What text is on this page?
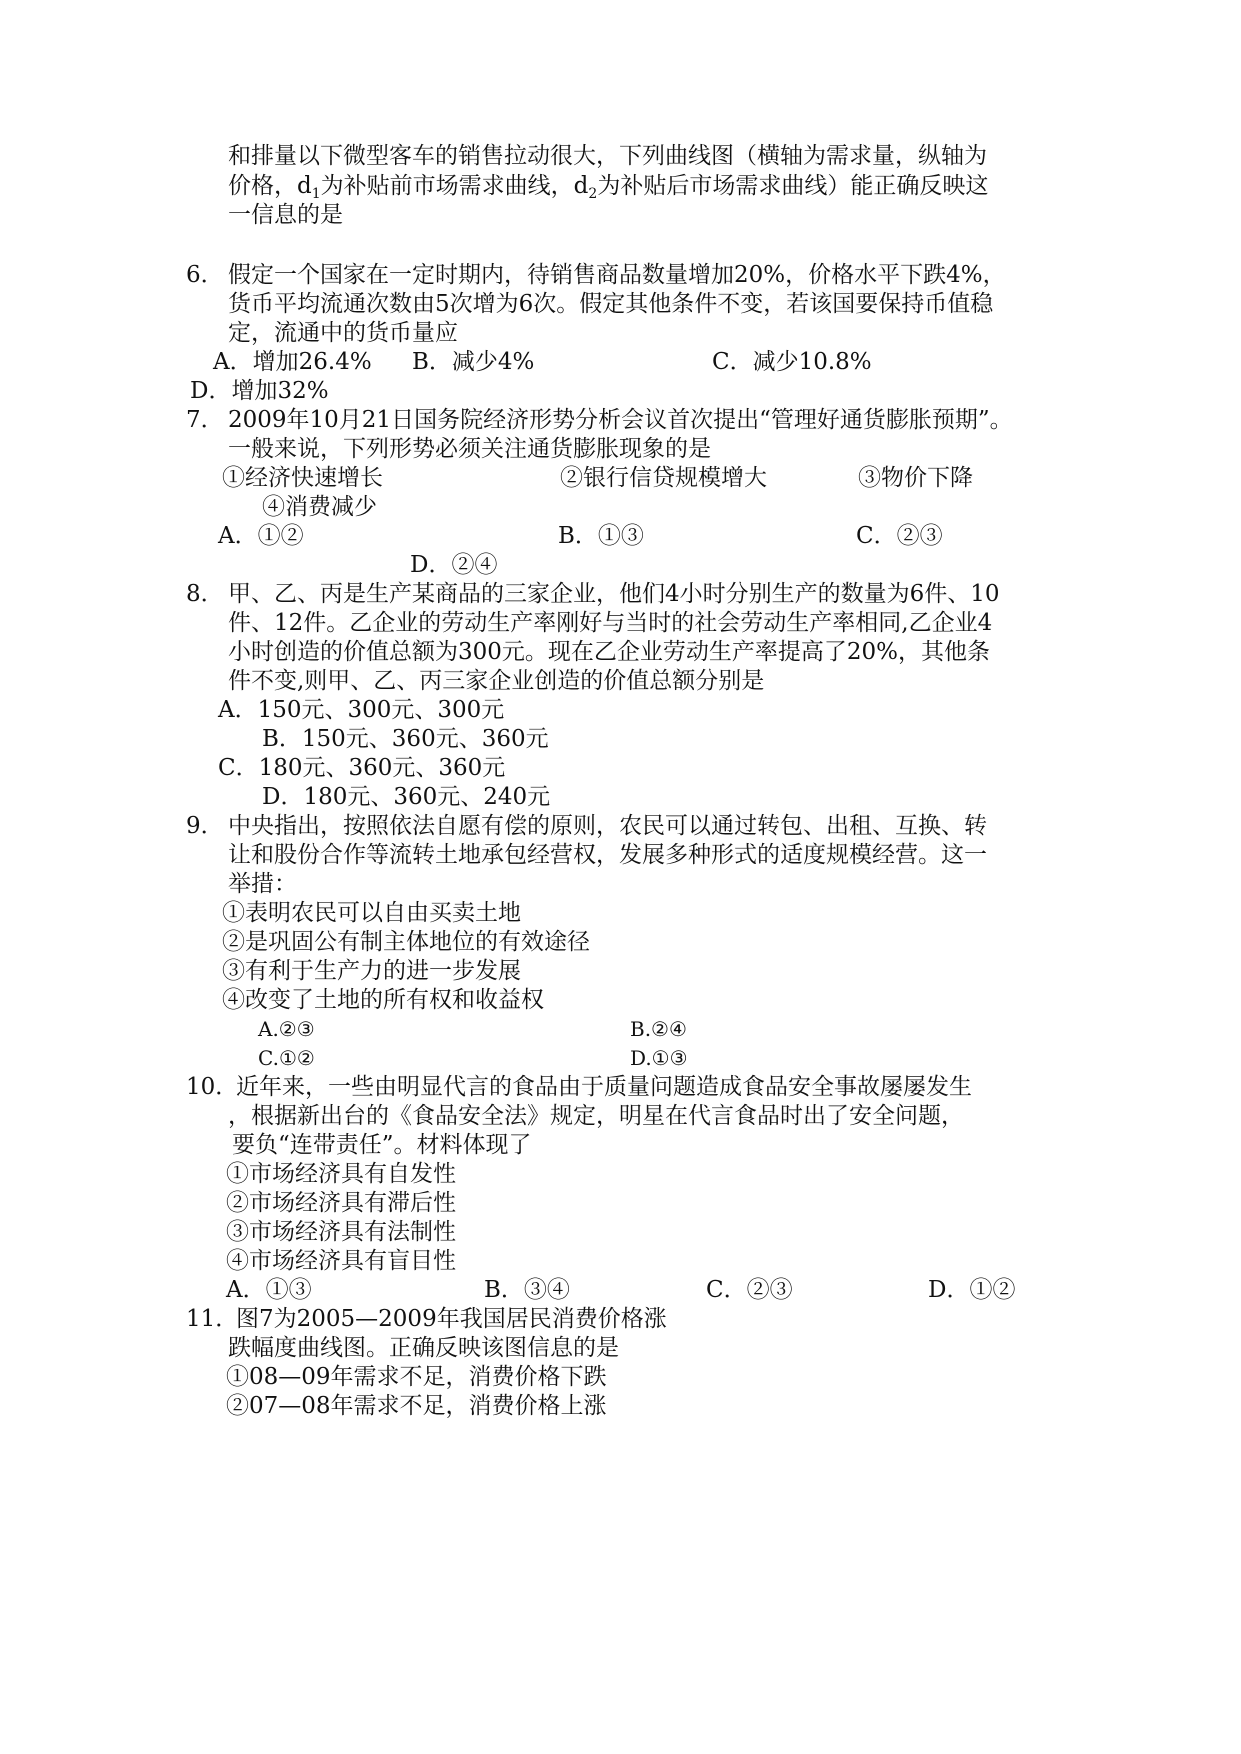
和排量以下微型客车的销售拉动很大，下列曲线图（横轴为需求量，纵轴为
价格，$d_1$为补贴前市场需求曲线，$d_2$为补贴后市场需求曲线）能正确反映这
一信息的是
6． 假定一个国家在一定时期内，待销售商品数量增加20%，价格水平下跌4%，
货币平均流通次数由5次增为6次。假定其他条件不变，若该国要保持币值稳
定，流通中的货币量应
A．增加26.4% B．减少4%	C．减少10.8%
D．增加32%
7． 2009年10月21日国务院经济形势分析会议首次提出“管理好通货膨胀预期”。
一般来说，下列形势必须关注通货膨胀现象的是
①经济快速增长	②银行信贷规模增大	③物价下降
④消费减少
A．①②	B．①③	C．②③
D．②④
8． 甲、乙、丙是生产某商品的三家企业，他们4小时分别生产的数量为6件、10
件、12件。乙企业的劳动生产率刚好与当时的社会劳动生产率相同,乙企业4
小时创造的价值总额为300元。现在乙企业劳动生产率提高了20%，其他条
件不变,则甲、乙、丙三家企业创造的价值总额分别是
A．150元、300元、300元
B．150元、360元、360元
C．180元、360元、360元
D．180元、360元、240元
9． 中央指出，按照依法自愿有偿的原则，农民可以通过转包、出租、互换、转
让和股份合作等流转土地承包经营权，发展多种形式的适度规模经营。这一
举措：
①表明农民可以自由买卖土地
②是巩固公有制主体地位的有效途径
③有利于生产力的进一步发展
④改变了土地的所有权和收益权
A.②③	B.②④
C.①②	D.①③
10．
近年来，一些由明显代言的食品由于质量问题造成食品安全事故屡屡发生
，根据新出台的《食品安全法》规定，明星在代言食品时出了安全问题，
要负“连带责任”。材料体现了
①市场经济具有自发性
②市场经济具有滞后性
③市场经济具有法制性
④市场经济具有盲目性
A．①③	B．③④	C．②③	D．①②
11．
图7为2005—2009年我国居民消费价格涨
跌幅度曲线图。正确反映该图信息的是
①08—09年需求不足，消费价格下跌
②07—08年需求不足，消费价格上涨
